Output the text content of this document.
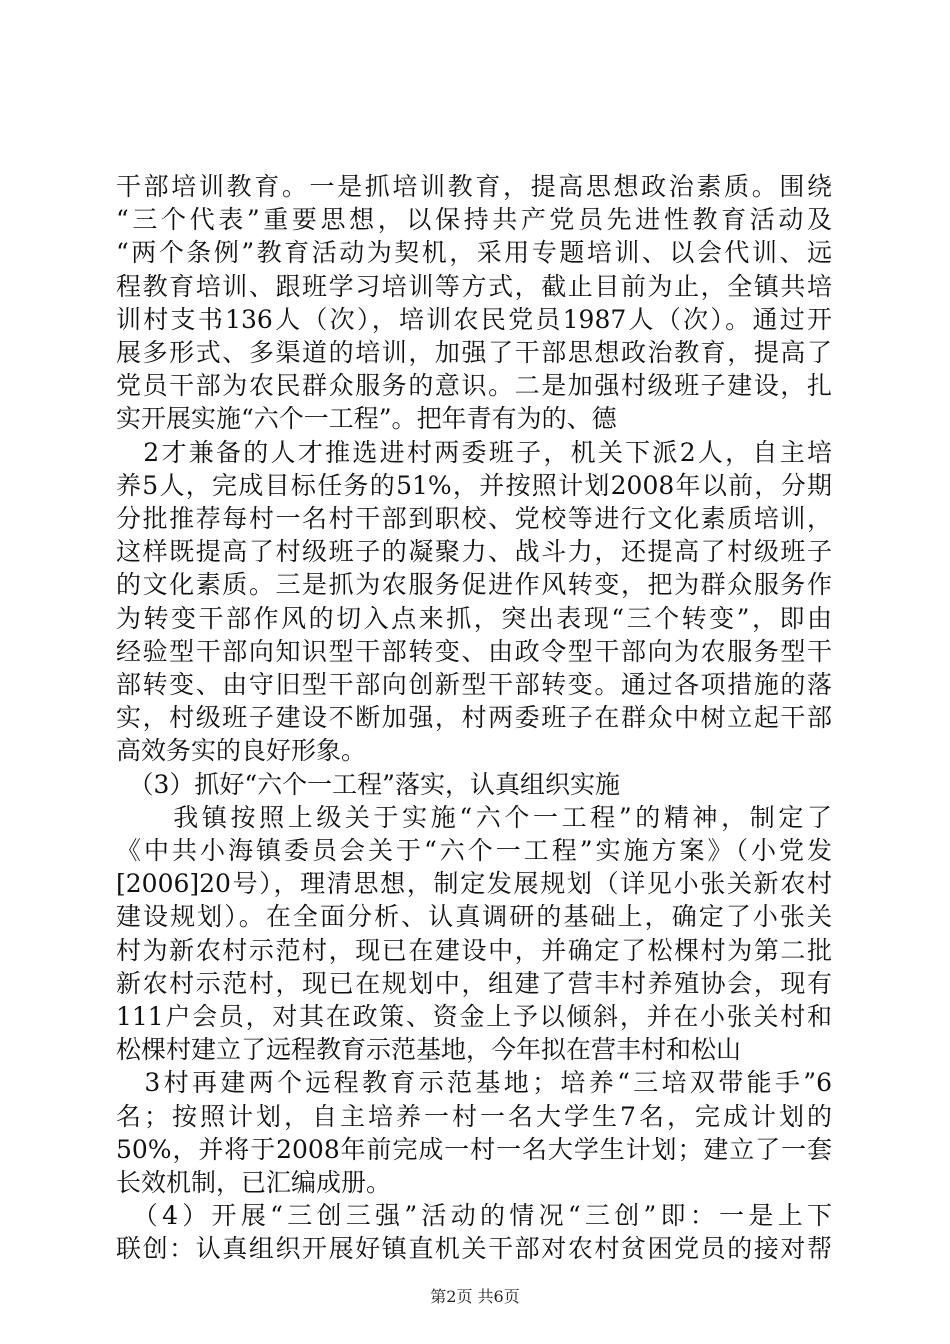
干部培训教育。一是抓培训教育，提高思想政治素质。围绕
“三个代表”重要思想，以保持共产党员先进性教育活动及
“两个条例”教育活动为契机，采用专题培训、以会代训、远
程教育培训、跟班学习培训等方式，截止目前为止，全镇共培
训村支书136人（次），培训农民党员1987人（次）。通过开
展多形式、多渠道的培训，加强了干部思想政治教育，提高了
党员干部为农民群众服务的意识。二是加强村级班子建设，扎
实开展实施“六个一工程”。把年青有为的、德
　2才兼备的人才推选进村两委班子，机关下派2人，自主培
养5人，完成目标任务的51%，并按照计划2008年以前，分期
分批推荐每村一名村干部到职校、党校等进行文化素质培训，
这样既提高了村级班子的凝聚力、战斗力，还提高了村级班子
的文化素质。三是抓为农服务促进作风转变，把为群众服务作
为转变干部作风的切入点来抓，突出表现“三个转变”，即由
经验型干部向知识型干部转变、由政令型干部向为农服务型干
部转变、由守旧型干部向创新型干部转变。通过各项措施的落
实，村级班子建设不断加强，村两委班子在群众中树立起干部
高效务实的良好形象。
　（3）抓好“六个一工程”落实，认真组织实施
　　我镇按照上级关于实施“六个一工程”的精神，制定了
《中共小海镇委员会关于“六个一工程”实施方案》（小党发
[2006]20号），理清思想，制定发展规划（详见小张关新农村
建设规划）。在全面分析、认真调研的基础上，确定了小张关
村为新农村示范村，现已在建设中，并确定了松棵村为第二批
新农村示范村，现已在规划中，组建了营丰村养殖协会，现有
111户会员，对其在政策、资金上予以倾斜，并在小张关村和
松棵村建立了远程教育示范基地，今年拟在营丰村和松山
　3村再建两个远程教育示范基地；培养“三培双带能手”6
名；按照计划，自主培养一村一名大学生7名，完成计划的
50%，并将于2008年前完成一村一名大学生计划；建立了一套
长效机制，已汇编成册。
　（4）开展“三创三强”活动的情况“三创”即：一是上下
联创：认真组织开展好镇直机关干部对农村贫困党员的接对帮
第2页 共6页
